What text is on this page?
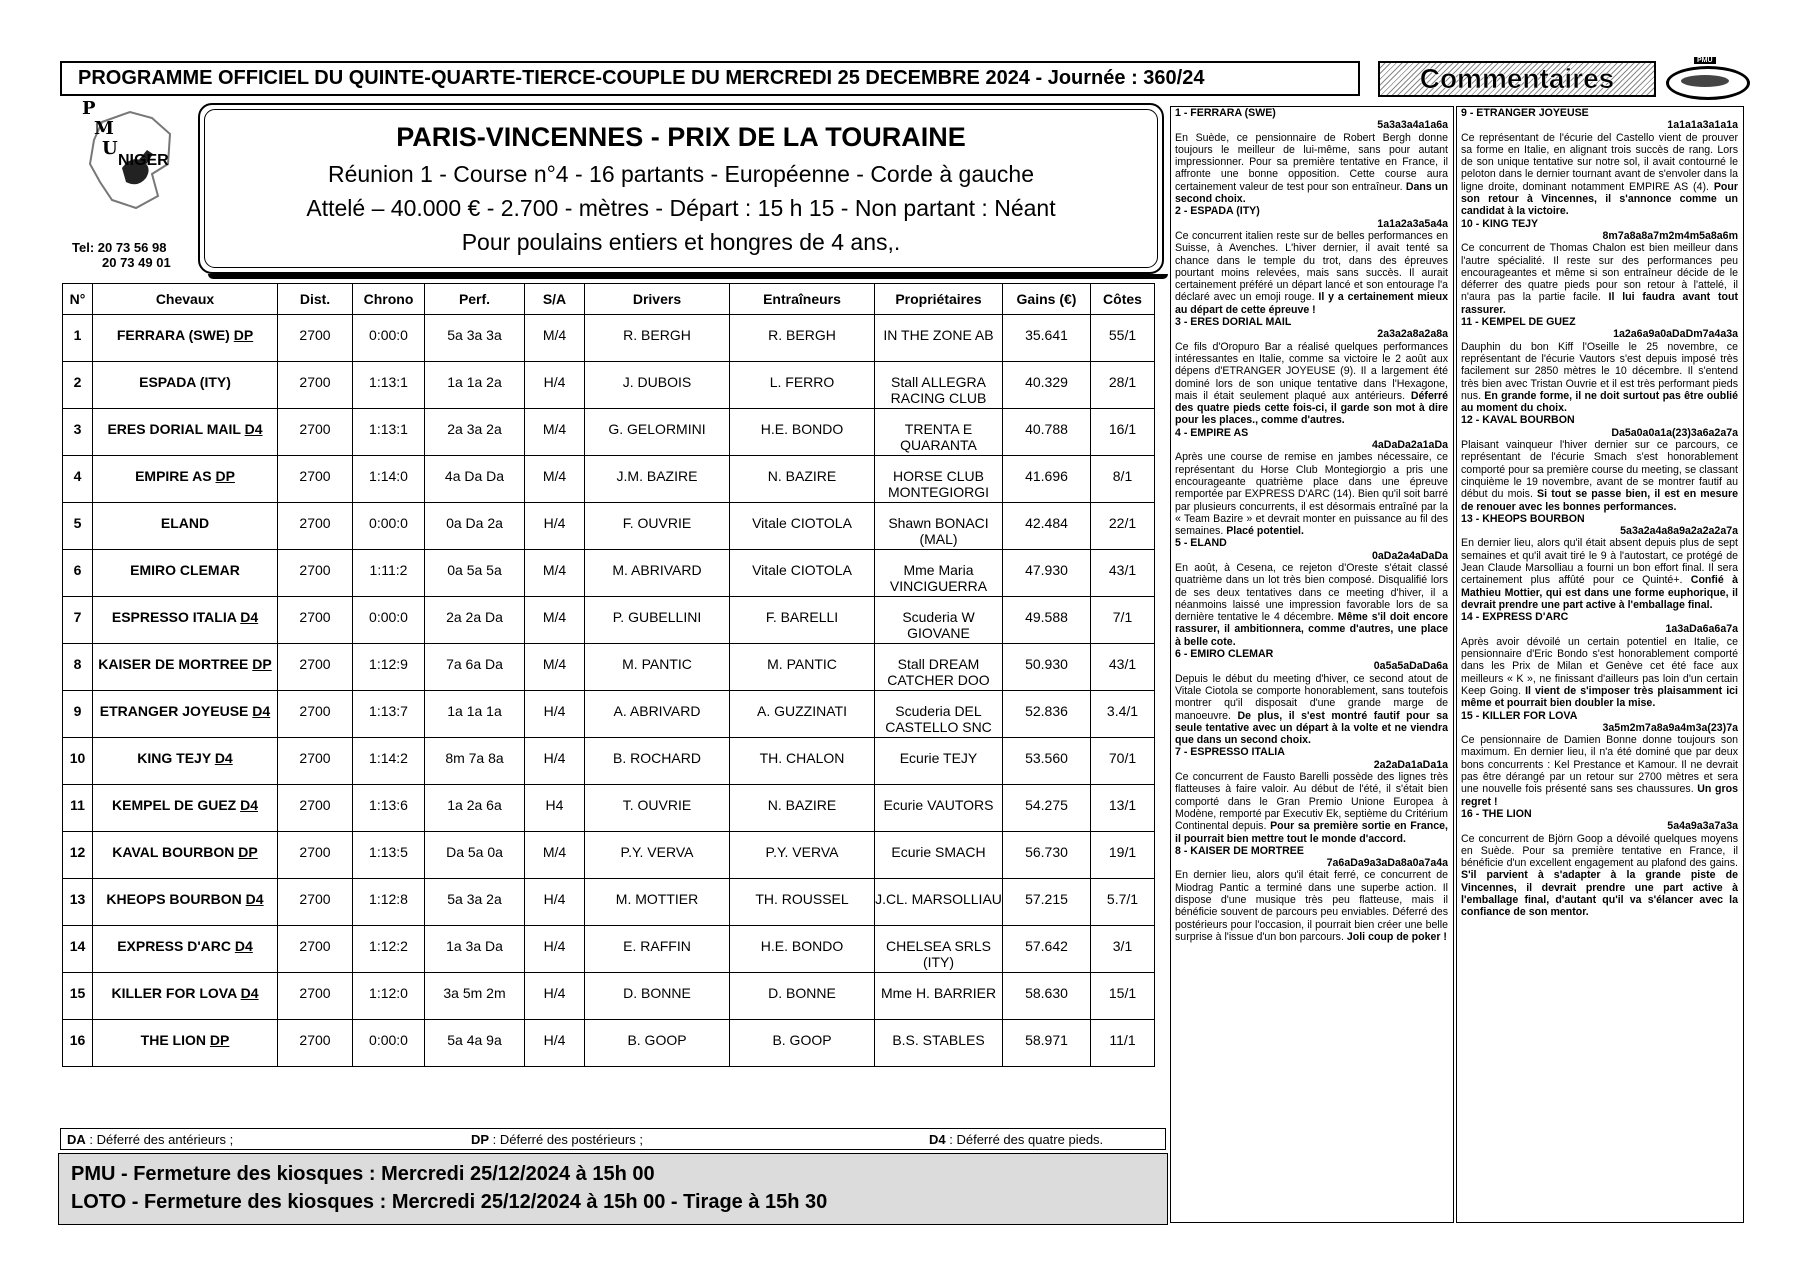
PROGRAMME OFFICIEL DU QUINTE-QUARTE-TIERCE-COUPLE DU MERCREDI 25 DECEMBRE 2024 - Journée : 360/24	Commentaires
PMU
P
M
U
NIGER
Tel: 20 73 56 98
20 73 49 01
PARIS-VINCENNES - PRIX DE LA TOURAINE
Réunion 1 - Course n°4 - 16 partants - Européenne - Corde à gauche
Attelé – 40.000 € - 2.700 - mètres - Départ : 15 h 15 - Non partant : Néant
Pour poulains entiers et hongres de 4 ans,.
N°	Chevaux	Dist.	Chrono	Perf.	S/A	Drivers	Entraîneurs	Propriétaires	Gains (€)	Côtes
1	FERRARA (SWE) DP	2700	0:00:0	5a 3a 3a	M/4	R. BERGH	R. BERGH	IN THE ZONE AB	35.641	55/1
2	ESPADA (ITY)	2700	1:13:1	1a 1a 2a	H/4	J. DUBOIS	L. FERRO	Stall ALLEGRA RACING CLUB	40.329	28/1
3	ERES DORIAL MAIL D4	2700	1:13:1	2a 3a 2a	M/4	G. GELORMINI	H.E. BONDO	TRENTA E QUARANTA	40.788	16/1
4	EMPIRE AS DP	2700	1:14:0	4a Da Da	M/4	J.M. BAZIRE	N. BAZIRE	HORSE CLUB MONTEGIORGI	41.696	8/1
5	ELAND	2700	0:00:0	0a Da 2a	H/4	F. OUVRIE	Vitale CIOTOLA	Shawn BONACI (MAL)	42.484	22/1
6	EMIRO CLEMAR	2700	1:11:2	0a 5a 5a	M/4	M. ABRIVARD	Vitale CIOTOLA	Mme Maria VINCIGUERRA	47.930	43/1
7	ESPRESSO ITALIA D4	2700	0:00:0	2a 2a Da	M/4	P. GUBELLINI	F. BARELLI	Scuderia W GIOVANE	49.588	7/1
8	KAISER DE MORTREE DP	2700	1:12:9	7a 6a Da	M/4	M. PANTIC	M. PANTIC	Stall DREAM CATCHER DOO	50.930	43/1
9	ETRANGER JOYEUSE D4	2700	1:13:7	1a 1a 1a	H/4	A. ABRIVARD	A. GUZZINATI	Scuderia DEL CASTELLO SNC	52.836	3.4/1
10	KING TEJY D4	2700	1:14:2	8m 7a 8a	H/4	B. ROCHARD	TH. CHALON	Ecurie TEJY	53.560	70/1
11	KEMPEL DE GUEZ D4	2700	1:13:6	1a 2a 6a	H4	T. OUVRIE	N. BAZIRE	Ecurie VAUTORS	54.275	13/1
12	KAVAL BOURBON DP	2700	1:13:5	Da 5a 0a	M/4	P.Y. VERVA	P.Y. VERVA	Ecurie SMACH	56.730	19/1
13	KHEOPS BOURBON D4	2700	1:12:8	5a 3a 2a	H/4	M. MOTTIER	TH. ROUSSEL	J.CL. MARSOLLIAU	57.215	5.7/1
14	EXPRESS D'ARC D4	2700	1:12:2	1a 3a Da	H/4	E. RAFFIN	H.E. BONDO	CHELSEA SRLS (ITY)	57.642	3/1
15	KILLER FOR LOVA D4	2700	1:12:0	3a 5m 2m	H/4	D. BONNE	D. BONNE	Mme H. BARRIER	58.630	15/1
16	THE LION DP	2700	0:00:0	5a 4a 9a	H/4	B. GOOP	B. GOOP	B.S. STABLES	58.971	11/1
DA : Déferré des antérieurs ;	DP : Déferré des postérieurs ;	D4 : Déferré des quatre pieds.
PMU - Fermeture des kiosques : Mercredi 25/12/2024 à 15h 00
LOTO - Fermeture des kiosques : Mercredi 25/12/2024 à 15h 00 - Tirage à 15h 30
1 - FERRARA (SWE)
5a3a3a4a1a6a
En Suède, ce pensionnaire de Robert Bergh donne toujours le meilleur de lui-même, sans pour autant impressionner. Pour sa première tentative en France, il affronte une bonne opposition. Cette course aura certainement valeur de test pour son entraîneur. Dans un second choix.
2 - ESPADA (ITY)
1a1a2a3a5a4a
Ce concurrent italien reste sur de belles performances en Suisse, à Avenches. L'hiver dernier, il avait tenté sa chance dans le temple du trot, dans des épreuves pourtant moins relevées, mais sans succès. Il aurait certainement préféré un départ lancé et son entourage l'a déclaré avec un emoji rouge. Il y a certainement mieux au départ de cette épreuve !
3 - ERES DORIAL MAIL
2a3a2a8a2a8a
Ce fils d'Oropuro Bar a réalisé quelques performances intéressantes en Italie, comme sa victoire le 2 août aux dépens d'ETRANGER JOYEUSE (9). Il a largement été dominé lors de son unique tentative dans l'Hexagone, mais il était seulement plaqué aux antérieurs. Déferré des quatre pieds cette fois-ci, il garde son mot à dire pour les places., comme d'autres.
4 - EMPIRE AS
4aDaDa2a1aDa
Après une course de remise en jambes nécessaire, ce représentant du Horse Club Montegiorgio a pris une encourageante quatrième place dans une épreuve remportée par EXPRESS D'ARC (14). Bien qu'il soit barré par plusieurs concurrents, il est désormais entraîné par la « Team Bazire » et devrait monter en puissance au fil des semaines. Placé potentiel.
5 - ELAND
0aDa2a4aDaDa
En août, à Cesena, ce rejeton d'Oreste s'était classé quatrième dans un lot très bien composé. Disqualifié lors de ses deux tentatives dans ce meeting d'hiver, il a néanmoins laissé une impression favorable lors de sa dernière tentative le 4 décembre. Même s'il doit encore rassurer, il ambitionnera, comme d'autres, une place à belle cote.
6 - EMIRO CLEMAR
0a5a5aDaDa6a
Depuis le début du meeting d'hiver, ce second atout de Vitale Ciotola se comporte honorablement, sans toutefois montrer qu'il disposait d'une grande marge de manoeuvre. De plus, il s'est montré fautif pour sa seule tentative avec un départ à la volte et ne viendra que dans un second choix.
7 - ESPRESSO ITALIA
2a2aDa1aDa1a
Ce concurrent de Fausto Barelli possède des lignes très flatteuses à faire valoir. Au début de l'été, il s'était bien comporté dans le Gran Premio Unione Europea à Modène, remporté par Executiv Ek, septième du Critérium Continental depuis. Pour sa première sortie en France, il pourrait bien mettre tout le monde d'accord.
8 - KAISER DE MORTREE
7a6aDa9a3aDa8a0a7a4a
En dernier lieu, alors qu'il était ferré, ce concurrent de Miodrag Pantic a terminé dans une superbe action. Il dispose d'une musique très peu flatteuse, mais il bénéficie souvent de parcours peu enviables. Déferré des postérieurs pour l'occasion, il pourrait bien créer une belle surprise à l'issue d'un bon parcours. Joli coup de poker !
9 - ETRANGER JOYEUSE
1a1a1a3a1a1a
Ce représentant de l'écurie del Castello vient de prouver sa forme en Italie, en alignant trois succès de rang. Lors de son unique tentative sur notre sol, il avait contourné le peloton dans le dernier tournant avant de s'envoler dans la ligne droite, dominant notamment EMPIRE AS (4). Pour son retour à Vincennes, il s'annonce comme un candidat à la victoire.
10 - KING TEJY
8m7a8a8a7m2m4m5a8a6m
Ce concurrent de Thomas Chalon est bien meilleur dans l'autre spécialité. Il reste sur des performances peu encourageantes et même si son entraîneur décide de le déferrer des quatre pieds pour son retour à l'attelé, il n'aura pas la partie facile. Il lui faudra avant tout rassurer.
11 - KEMPEL DE GUEZ
1a2a6a9a0aDaDm7a4a3a
Dauphin du bon Kiff l'Oseille le 25 novembre, ce représentant de l'écurie Vautors s'est depuis imposé très facilement sur 2850 mètres le 10 décembre. Il s'entend très bien avec Tristan Ouvrie et il est très performant pieds nus. En grande forme, il ne doit surtout pas être oublié au moment du choix.
12 - KAVAL BOURBON
Da5a0a0a1a(23)3a6a2a7a
Plaisant vainqueur l'hiver dernier sur ce parcours, ce représentant de l'écurie Smach s'est honorablement comporté pour sa première course du meeting, se classant cinquième le 19 novembre, avant de se montrer fautif au début du mois. Si tout se passe bien, il est en mesure de renouer avec les bonnes performances.
13 - KHEOPS BOURBON
5a3a2a4a8a9a2a2a2a7a
En dernier lieu, alors qu'il était absent depuis plus de sept semaines et qu'il avait tiré le 9 à l'autostart, ce protégé de Jean Claude Marsolliau a fourni un bon effort final. Il sera certainement plus affûté pour ce Quinté+. Confié à Mathieu Mottier, qui est dans une forme euphorique, il devrait prendre une part active à l'emballage final.
14 - EXPRESS D'ARC
1a3aDa6a6a7a
Après avoir dévoilé un certain potentiel en Italie, ce pensionnaire d'Eric Bondo s'est honorablement comporté dans les Prix de Milan et Genève cet été face aux meilleurs « K », ne finissant d'ailleurs pas loin d'un certain Keep Going. Il vient de s'imposer très plaisamment ici même et pourrait bien doubler la mise.
15 - KILLER FOR LOVA
3a5m2m7a8a9a4m3a(23)7a
Ce pensionnaire de Damien Bonne donne toujours son maximum. En dernier lieu, il n'a été dominé que par deux bons concurrents : Kel Prestance et Kamour. Il ne devrait pas être dérangé par un retour sur 2700 mètres et sera une nouvelle fois présenté sans ses chaussures. Un gros regret !
16 - THE LION
5a4a9a3a7a3a
Ce concurrent de Björn Goop a dévoilé quelques moyens en Suède. Pour sa première tentative en France, il bénéficie d'un excellent engagement au plafond des gains. S'il parvient à s'adapter à la grande piste de Vincennes, il devrait prendre une part active à l'emballage final, d'autant qu'il va s'élancer avec la confiance de son mentor.
